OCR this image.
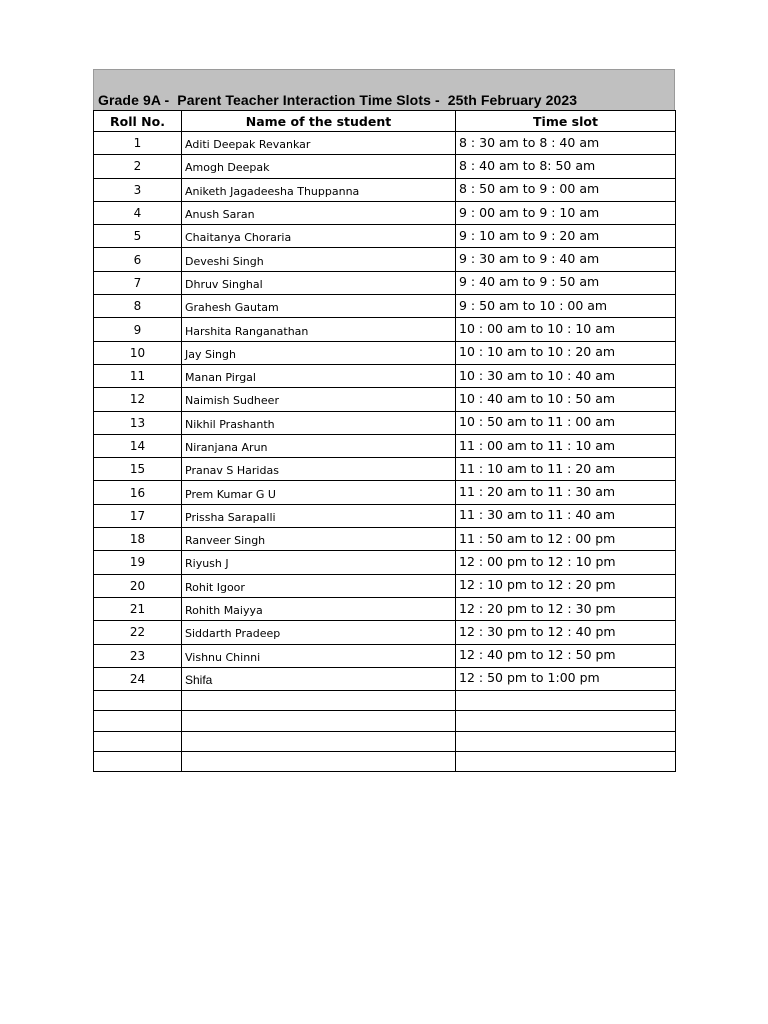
Grade 9A -  Parent Teacher Interaction Time Slots -  25th February 2023
Roll No.	Name of the student	Time slot
1	Aditi Deepak Revankar	8 : 30 am to 8 : 40 am
2	Amogh Deepak	8 : 40 am to 8: 50 am
3	Aniketh Jagadeesha Thuppanna	8 : 50 am to 9 : 00 am
4	Anush Saran	9 : 00 am to 9 : 10 am
5	Chaitanya Choraria	9 : 10 am to 9 : 20 am
6	Deveshi Singh	9 : 30 am to 9 : 40 am
7	Dhruv Singhal	9 : 40 am to 9 : 50 am
8	Grahesh Gautam	9 : 50 am to 10 : 00 am
9	Harshita Ranganathan	10 : 00 am to 10 : 10 am
10	Jay Singh	10 : 10 am to 10 : 20 am
11	Manan Pirgal	10 : 30 am to 10 : 40 am
12	Naimish Sudheer	10 : 40 am to 10 : 50 am
13	Nikhil Prashanth	10 : 50 am to 11 : 00 am
14	Niranjana Arun	11 : 00 am to 11 : 10 am
15	Pranav S Haridas	11 : 10 am to 11 : 20 am
16	Prem Kumar G U	11 : 20 am to 11 : 30 am
17	Prissha Sarapalli	11 : 30 am to 11 : 40 am
18	Ranveer Singh	11 : 50 am to 12 : 00 pm
19	Riyush J	12 : 00 pm to 12 : 10 pm
20	Rohit Igoor	12 : 10 pm to 12 : 20 pm
21	Rohith Maiyya	12 : 20 pm to 12 : 30 pm
22	Siddarth Pradeep	12 : 30 pm to 12 : 40 pm
23	Vishnu Chinni	12 : 40 pm to 12 : 50 pm
24	Shifa	12 : 50 pm to 1:00 pm
